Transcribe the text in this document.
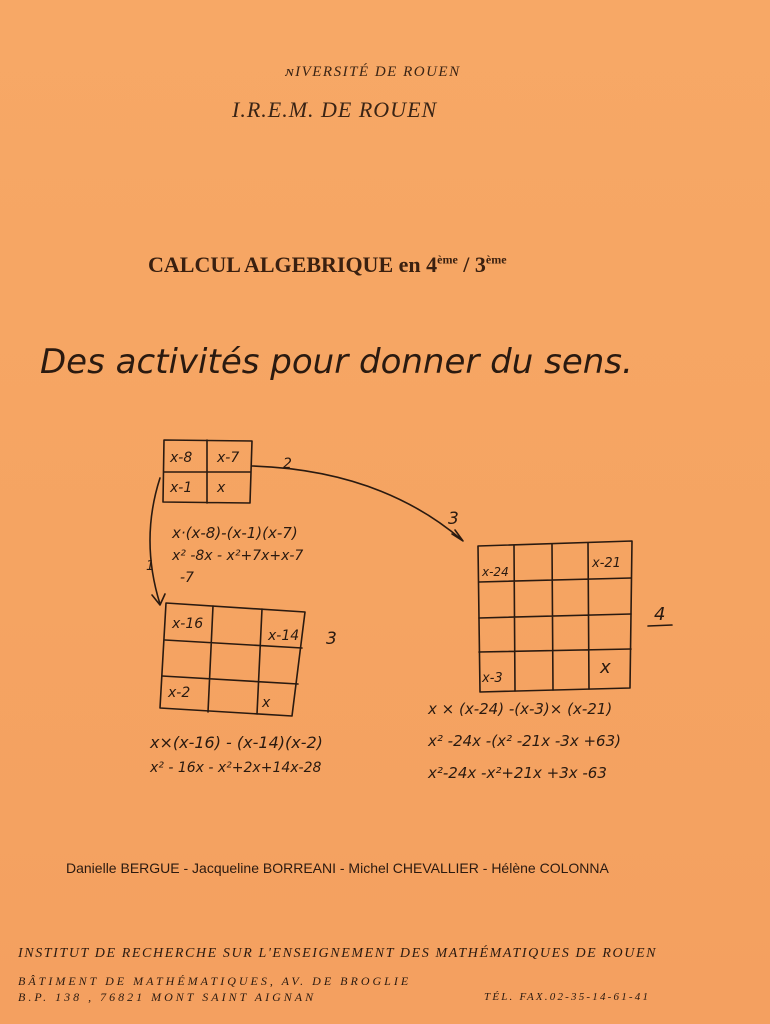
ɴIVERSITÉ DE ROUEN
I.R.E.M. DE ROUEN
CALCUL ALGEBRIQUE en 4ème / 3ème
Des activités pour donner du sens.
x-8 x-7
x-1 x
2
3
1
x·(x-8)-(x-1)(x-7)
x² -8x - x²+7x+x-7
-7
x-16
x-14
x-2
x
3
x×(x-16) - (x-14)(x-2)
x² - 16x - x²+2x+14x-28
x-24
x-21
x-3
x
4
x × (x-24) -(x-3)× (x-21)
x² -24x -(x² -21x -3x +63)
x²-24x -x²+21x +3x -63
Danielle BERGUE - Jacqueline BORREANI - Michel CHEVALLIER - Hélène COLONNA
INSTITUT DE RECHERCHE SUR L'ENSEIGNEMENT DES MATHÉMATIQUES DE ROUEN
BÂTIMENT DE MATHÉMATIQUES, AV. DE BROGLIE
B.P. 138 , 76821 MONT SAINT AIGNAN	TÉL. FAX.02-35-14-61-41
